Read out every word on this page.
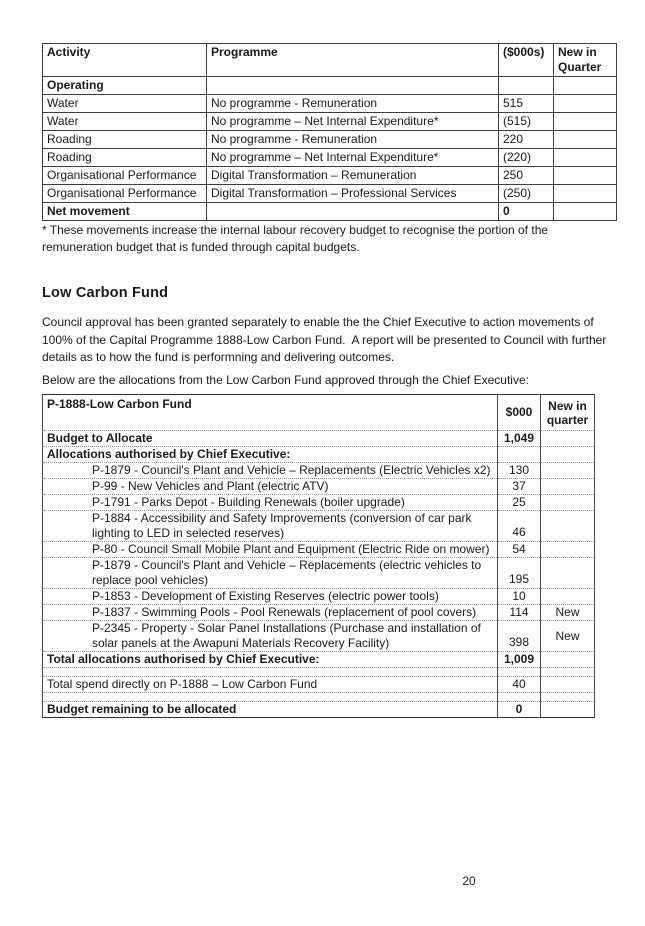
Activity	Programme	($000s)	New in Quarter
Operating			
Water	No programme - Remuneration	515	
Water	No programme – Net Internal Expenditure*	(515)	
Roading	No programme - Remuneration	220	
Roading	No programme – Net Internal Expenditure*	(220)	
Organisational Performance	Digital Transformation – Remuneration	250	
Organisational Performance	Digital Transformation – Professional Services	(250)	
Net movement		0	

* These movements increase the internal labour recovery budget to recognise the portion of the remuneration budget that is funded through capital budgets.

Low Carbon Fund

Council approval has been granted separately to enable the the Chief Executive to action movements of 100% of the Capital Programme 1888-Low Carbon Fund.  A report will be presented to Council with further details as to how the fund is performning and delivering outcomes.

Below are the allocations from the Low Carbon Fund approved through the Chief Executive:

P-1888-Low Carbon Fund	$000	New in quarter
Budget to Allocate	1,049	
Allocations authorised by Chief Executive:		
P-1879 - Council's Plant and Vehicle – Replacements (Electric Vehicles x2)	130	
P-99 - New Vehicles and Plant (electric ATV)	37	
P-1791 - Parks Depot - Building Renewals (boiler upgrade)	25	
P-1884 - Accessibility and Safety Improvements (conversion of car park lighting to LED in selected reserves)	46	
P-80 - Council Small Mobile Plant and Equipment (Electric Ride on mower)	54	
P-1879 - Council's Plant and Vehicle – Replacements (electric vehicles to replace pool vehicles)	195	
P-1853 - Development of Existing Reserves (electric power tools)	10	
P-1837 - Swimming Pools - Pool Renewals (replacement of pool covers)	114	New
P-2345 - Property - Solar Panel Installations (Purchase and installation of solar panels at the Awapuni Materials Recovery Facility)	398	New
Total allocations authorised by Chief Executive:	1,009	

Total spend directly on P-1888 – Low Carbon Fund	40	

Budget remaining to be allocated	0	
20
